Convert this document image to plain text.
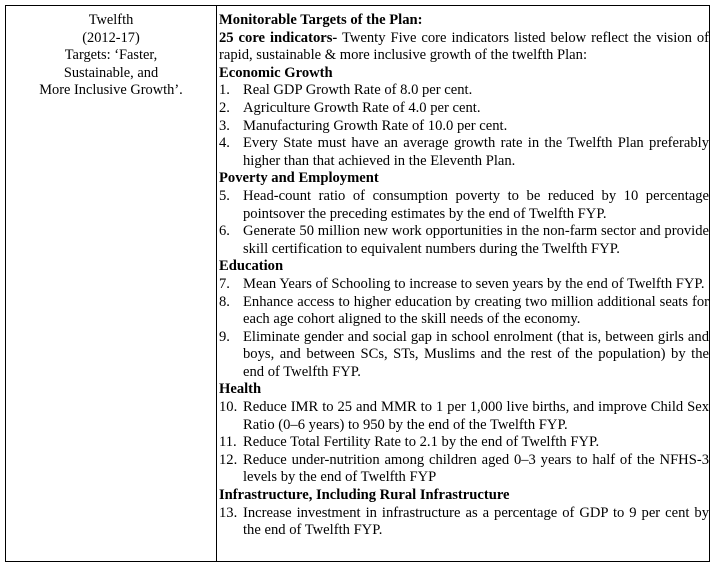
Twelfth
(2012-17)
Targets: ‘Faster,
Sustainable, and
More Inclusive Growth’.

Monitorable Targets of the Plan:

25 core indicators- Twenty Five core indicators listed below reflect the vision of rapid, sustainable & more inclusive growth of the twelfth Plan:

Economic Growth

1. Real GDP Growth Rate of 8.0 per cent.
2. Agriculture Growth Rate of 4.0 per cent.
3. Manufacturing Growth Rate of 10.0 per cent.
4. Every State must have an average growth rate in the Twelfth Plan preferably higher than that achieved in the Eleventh Plan.

Poverty and Employment

5. Head-count ratio of consumption poverty to be reduced by 10 percentage pointsover the preceding estimates by the end of Twelfth FYP.
6. Generate 50 million new work opportunities in the non-farm sector and provide skill certification to equivalent numbers during the Twelfth FYP.

Education

7. Mean Years of Schooling to increase to seven years by the end of Twelfth FYP.
8. Enhance access to higher education by creating two million additional seats for each age cohort aligned to the skill needs of the economy.
9. Eliminate gender and social gap in school enrolment (that is, between girls and boys, and between SCs, STs, Muslims and the rest of the population) by the end of Twelfth FYP.

Health

10. Reduce IMR to 25 and MMR to 1 per 1,000 live births, and improve Child Sex Ratio (0–6 years) to 950 by the end of the Twelfth FYP.
11. Reduce Total Fertility Rate to 2.1 by the end of Twelfth FYP.
12. Reduce under-nutrition among children aged 0–3 years to half of the NFHS-3 levels by the end of Twelfth FYP

Infrastructure, Including Rural Infrastructure

13. Increase investment in infrastructure as a percentage of GDP to 9 per cent by the end of Twelfth FYP.
